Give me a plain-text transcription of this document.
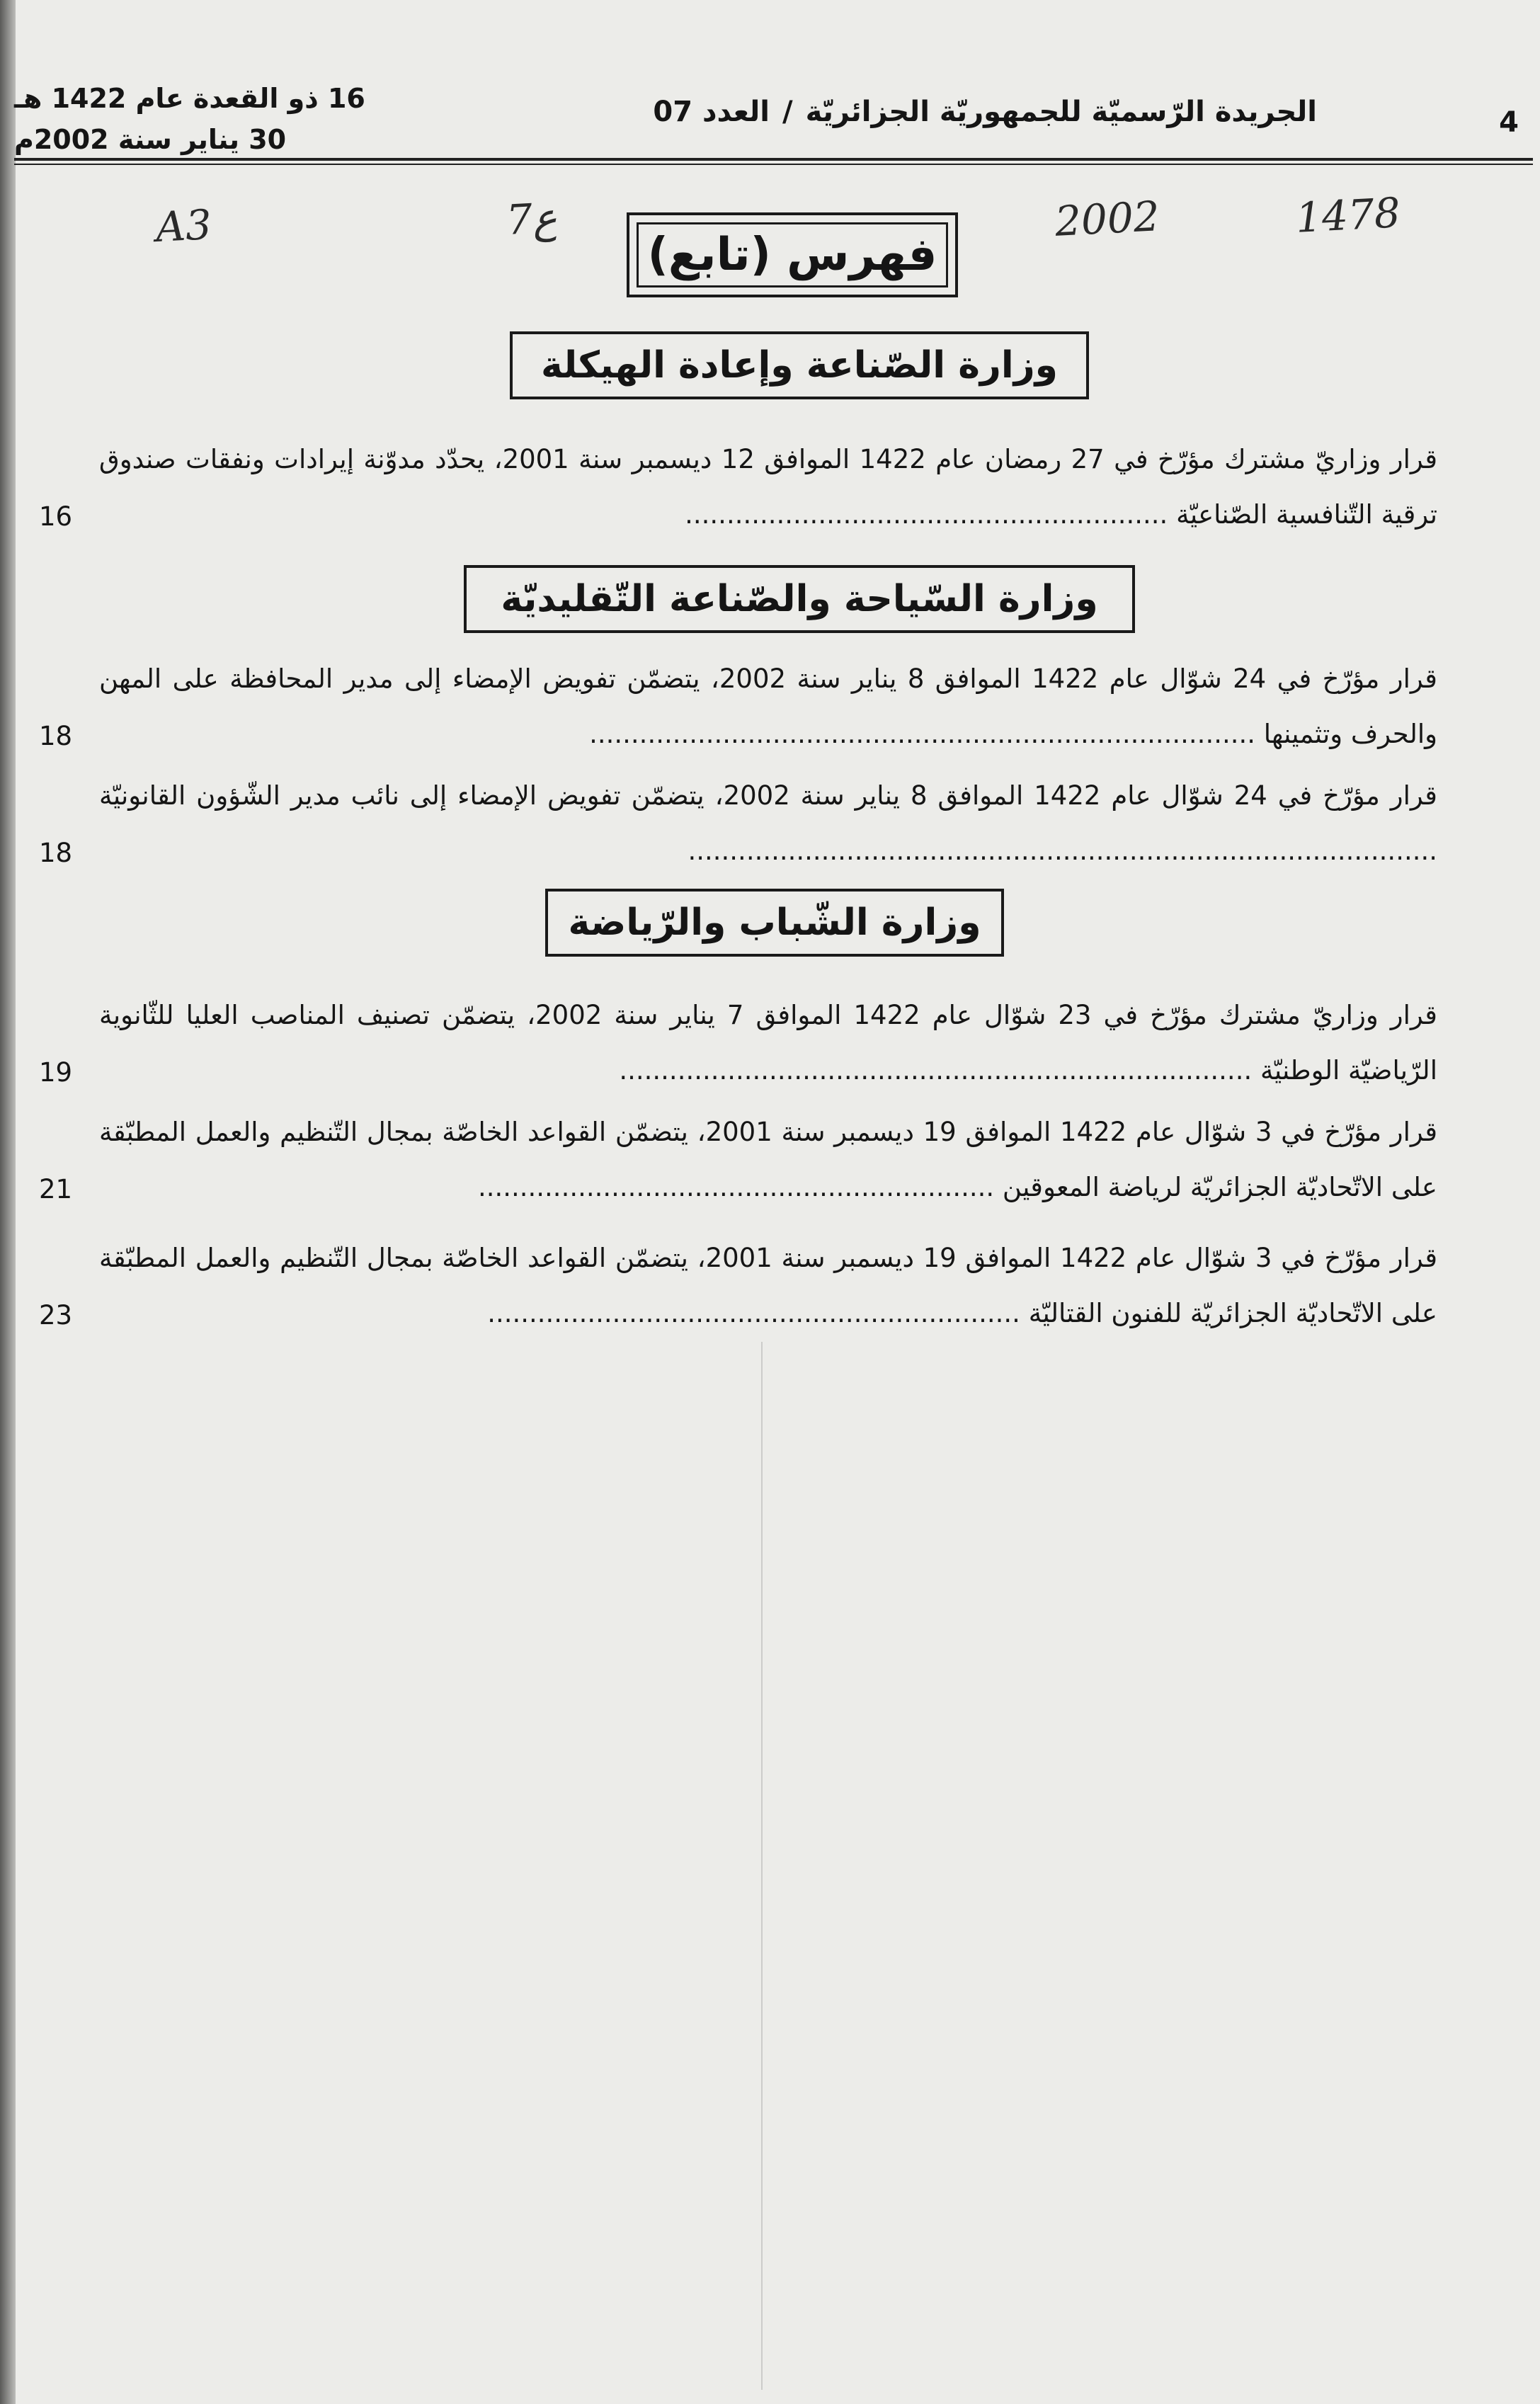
4
الجريدة الرّسميّة للجمهوريّة الجزائريّة/العدد 07
16 ذو القعدة عام 1422 هـ
30 يناير سنة 2002م
A3	7ع	2002	1478
فهرس (تابع)
وزارة الصّناعة وإعادة الهيكلة
قرار وزاريّ مشترك مؤرّخ في 27 رمضان عام 1422 الموافق 12 ديسمبر سنة 2001، يحدّد مدوّنة إيرادات ونفقات صندوق ترقية التّنافسية الصّناعيّة ..........................................................
16
وزارة السّياحة والصّناعة التّقليديّة
قرار مؤرّخ في 24 شوّال عام 1422 الموافق 8 يناير سنة 2002، يتضمّن تفويض الإمضاء إلى مدير المحافظة على المهن والحرف وتثمينها ................................................................................
18
قرار مؤرّخ في 24 شوّال عام 1422 الموافق 8 يناير سنة 2002، يتضمّن تفويض الإمضاء إلى نائب مدير الشّؤون القانونيّة ..........................................................................................
18
وزارة الشّباب والرّياضة
قرار وزاريّ مشترك مؤرّخ في 23 شوّال عام 1422 الموافق 7 يناير سنة 2002، يتضمّن تصنيف المناصب العليا للثّانوية الرّياضيّة الوطنيّة ............................................................................
19
قرار مؤرّخ في 3 شوّال عام 1422 الموافق 19 ديسمبر سنة 2001، يتضمّن القواعد الخاصّة بمجال التّنظيم والعمل المطبّقة على الاتّحاديّة الجزائريّة لرياضة المعوقين ..............................................................
21
قرار مؤرّخ في 3 شوّال عام 1422 الموافق 19 ديسمبر سنة 2001، يتضمّن القواعد الخاصّة بمجال التّنظيم والعمل المطبّقة على الاتّحاديّة الجزائريّة للفنون القتاليّة ................................................................
23
